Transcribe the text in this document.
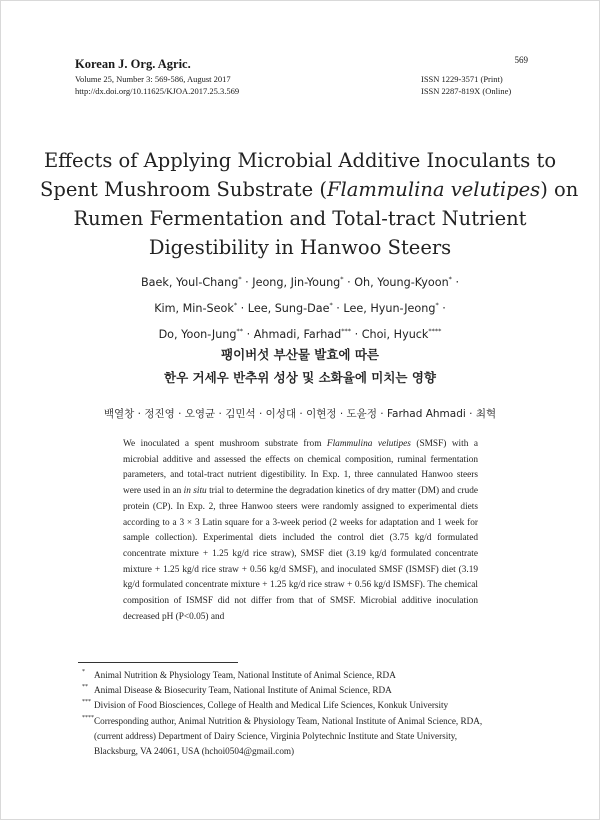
Korean J. Org. Agric.	569
Volume 25, Number 3: 569-586, August 2017
http://dx.doi.org/10.11625/KJOA.2017.25.3.569
ISSN 1229-3571 (Print)
ISSN 2287-819X (Online)
Effects of Applying Microbial Additive Inoculants to
Spent Mushroom Substrate (Flammulina velutipes) on
Rumen Fermentation and Total-tract Nutrient
Digestibility in Hanwoo Steers
Baek, Youl-Chang* · Jeong, Jin-Young* · Oh, Young-Kyoon* ·
Kim, Min-Seok* · Lee, Sung-Dae* · Lee, Hyun-Jeong* ·
Do, Yoon-Jung** · Ahmadi, Farhad*** · Choi, Hyuck****
팽이버섯 부산물 발효에 따른
한우 거세우 반추위 성상 및 소화율에 미치는 영향
백열창 · 정진영 · 오영균 · 김민석 · 이성대 · 이현정 · 도윤정 · Farhad Ahmadi · 최혁
We inoculated a spent mushroom substrate from Flammulina velutipes (SMSF) with a microbial additive and assessed the effects on chemical composition, ruminal fermentation parameters, and total-tract nutrient digestibility. In Exp. 1, three cannulated Hanwoo steers were used in an in situ trial to determine the degradation kinetics of dry matter (DM) and crude protein (CP). In Exp. 2, three Hanwoo steers were randomly assigned to experimental diets according to a 3 × 3 Latin square for a 3-week period (2 weeks for adaptation and 1 week for sample collection). Experimental diets included the control diet (3.75 kg/d formulated concentrate mixture + 1.25 kg/d rice straw), SMSF diet (3.19 kg/d formulated concentrate mixture + 1.25 kg/d rice straw + 0.56 kg/d SMSF), and inoculated SMSF (ISMSF) diet (3.19 kg/d formulated concentrate mixture + 1.25 kg/d rice straw + 0.56 kg/d ISMSF). The chemical composition of ISMSF did not differ from that of SMSF. Microbial additive inoculation decreased pH (P<0.05) and
* Animal Nutrition & Physiology Team, National Institute of Animal Science, RDA
** Animal Disease & Biosecurity Team, National Institute of Animal Science, RDA
*** Division of Food Biosciences, College of Health and Medical Life Sciences, Konkuk University
**** Corresponding author, Animal Nutrition & Physiology Team, National Institute of Animal Science, RDA,
(current address) Department of Dairy Science, Virginia Polytechnic Institute and State University,
Blacksburg, VA 24061, USA (hchoi0504@gmail.com)
